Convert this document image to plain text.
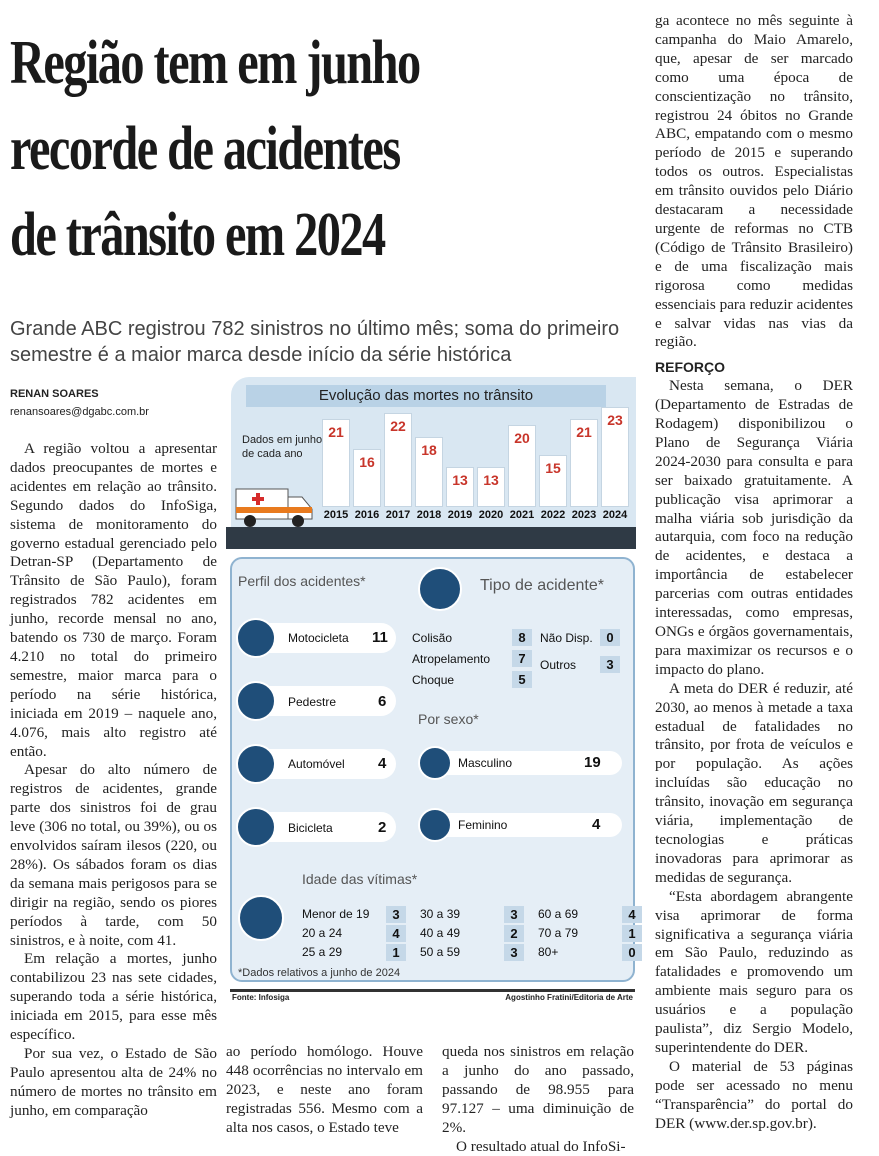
Região tem em junho
recorde de acidentes
de trânsito em 2024
Grande ABC registrou 782 sinistros no último mês; soma do primeiro semestre é a maior marca desde início da série histórica
RENAN SOARES
renansoares@dgabc.com.br

A região voltou a apresentar dados preocupantes de mortes e acidentes em relação ao trânsito. Segundo dados do InfoSiga, sistema de monitoramento do governo estadual gerenciado pelo Detran-SP (Departamento de Trânsito de São Paulo), foram registrados 782 acidentes em junho, recorde mensal no ano, batendo os 730 de março. Foram 4.210 no total do primeiro semestre, maior marca para o período na série histórica, iniciada em 2019 – naquele ano, 4.076, mais alto registro até então.

Apesar do alto número de registros de acidentes, grande parte dos sinistros foi de grau leve (306 no total, ou 39%), ou os envolvidos saíram ilesos (220, ou 28%). Os sábados foram os dias da semana mais perigosos para se dirigir na região, sendo os piores períodos à tarde, com 50 sinistros, e à noite, com 41.

Em relação a mortes, junho contabilizou 23 nas sete cidades, superando toda a série histórica, iniciada em 2015, para esse mês específico.

Por sua vez, o Estado de São Paulo apresentou alta de 24% no número de mortes no trânsito em junho, em comparação

ao período homólogo. Houve 448 ocorrências no intervalo em 2023, e neste ano foram registradas 556. Mesmo com a alta nos casos, o Estado teve

queda nos sinistros em relação a junho do ano passado, passando de 98.955 para 97.127 – uma diminuição de 2%.

O resultado atual do InfoSi-

ga acontece no mês seguinte à campanha do Maio Amarelo, que, apesar de ser marcado como uma época de conscientização no trânsito, registrou 24 óbitos no Grande ABC, empatando com o mesmo período de 2015 e superando todos os outros. Especialistas em trânsito ouvidos pelo Diário destacaram a necessidade urgente de reformas no CTB (Código de Trânsito Brasileiro) e de uma fiscalização mais rigorosa como medidas essenciais para reduzir acidentes e salvar vidas nas vias da região.

REFORÇO

Nesta semana, o DER (Departamento de Estradas de Rodagem) disponibilizou o Plano de Segurança Viária 2024-2030 para consulta e para ser baixado gratuitamente. A publicação visa aprimorar a malha viária sob jurisdição da autarquia, com foco na redução de acidentes, e destaca a importância de estabelecer parcerias com outras entidades interessadas, como empresas, ONGs e órgãos governamentais, para maximizar os recursos e o impacto do plano.

A meta do DER é reduzir, até 2030, ao menos à metade a taxa estadual de fatalidades no trânsito, por frota de veículos e por população. As ações incluídas são educação no trânsito, inovação em segurança viária, implementação de tecnologias e práticas inovadoras para aprimorar as medidas de segurança.

“Esta abordagem abrangente visa aprimorar de forma significativa a segurança viária em São Paulo, reduzindo as fatalidades e promovendo um ambiente mais seguro para os usuários e a população paulista”, diz Sergio Modelo, superintendente do DER.

O material de 53 páginas pode ser acessado no menu “Transparência” do portal do DER (www.der.sp.gov.br).

Evolução das mortes no trânsito
Dados em junho de cada ano
21
2015
16
2016
22
2017
18
2018
13
2019
13
2020
20
2021
15
2022
21
2023
23
2024
Perfil dos acidentes*
Motocicleta 11
Pedestre	6
Automóvel 4
Bicicleta	2
Tipo de acidente*
Colisão	8
Atropelamento	7
Choque	5
Não Disp.	0
Outros	3
Por sexo*
Masculino	19
Feminino	4
Idade das vítimas*
Menor de 19	3
20 a 24	4
25 a 29	1
30 a 39	3
40 a 49	2
50 a 59	3
60 a 69	4
70 a 79	1
80+	0
*Dados relativos a junho de 2024
Fonte: Infosiga	Agostinho Fratini/Editoria de Arte
